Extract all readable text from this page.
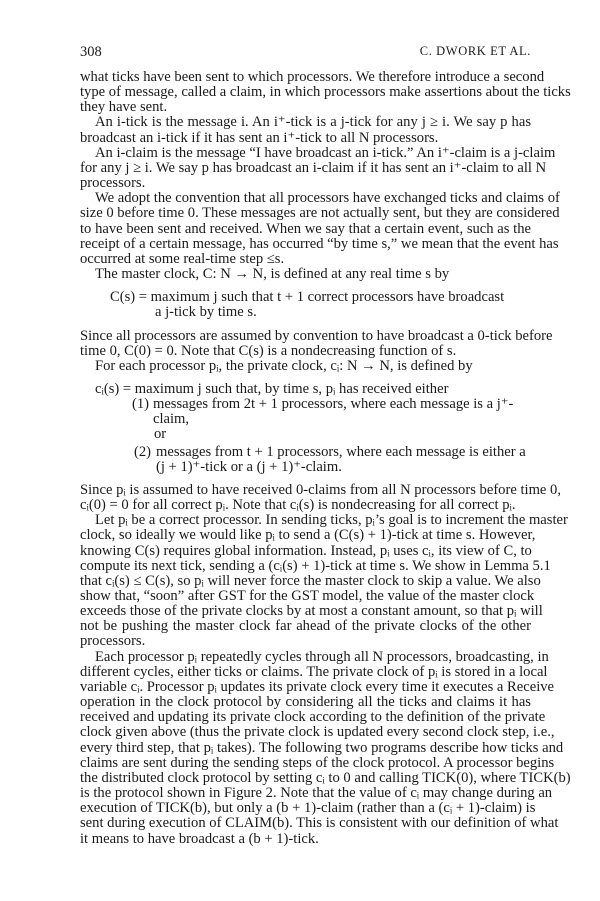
308	C. DWORK ET AL.

what ticks have been sent to which processors. We therefore introduce a second

type of message, called a claim, in which processors make assertions about the ticks

they have sent.

An i-tick is the message i. An i⁺-tick is a j-tick for any j ≥ i. We say p has

broadcast an i-tick if it has sent an i⁺-tick to all N processors.

An i-claim is the message “I have broadcast an i-tick.” An i⁺-claim is a j-claim

for any j ≥ i. We say p has broadcast an i-claim if it has sent an i⁺-claim to all N

processors.

We adopt the convention that all processors have exchanged ticks and claims of

size 0 before time 0. These messages are not actually sent, but they are considered

to have been sent and received. When we say that a certain event, such as the

receipt of a certain message, has occurred “by time s,” we mean that the event has

occurred at some real-time step ≤s.

The master clock, C: N → N, is defined at any real time s by

C(s) = maximum j such that t + 1 correct processors have broadcast
a j-tick by time s.

Since all processors are assumed by convention to have broadcast a 0-tick before

time 0, C(0) = 0. Note that C(s) is a nondecreasing function of s.

For each processor pᵢ, the private clock, cᵢ: N → N, is defined by

cᵢ(s) = maximum j such that, by time s, pᵢ has received either
(1) messages from 2t + 1 processors, where each message is a j⁺-claim,
or
(2) messages from t + 1 processors, where each message is either a
(j + 1)⁺-tick or a (j + 1)⁺-claim.

Since pᵢ is assumed to have received 0-claims from all N processors before time 0,

cᵢ(0) = 0 for all correct pᵢ. Note that cᵢ(s) is nondecreasing for all correct pᵢ.

Let pᵢ be a correct processor. In sending ticks, pᵢ’s goal is to increment the master

clock, so ideally we would like pᵢ to send a (C(s) + 1)-tick at time s. However,

knowing C(s) requires global information. Instead, pᵢ uses cᵢ, its view of C, to

compute its next tick, sending a (cᵢ(s) + 1)-tick at time s. We show in Lemma 5.1

that cᵢ(s) ≤ C(s), so pᵢ will never force the master clock to skip a value. We also

show that, “soon” after GST for the GST model, the value of the master clock

exceeds those of the private clocks by at most a constant amount, so that pᵢ will

not be pushing the master clock far ahead of the private clocks of the other

processors.

Each processor pᵢ repeatedly cycles through all N processors, broadcasting, in

different cycles, either ticks or claims. The private clock of pᵢ is stored in a local

variable cᵢ. Processor pᵢ updates its private clock every time it executes a Receive

operation in the clock protocol by considering all the ticks and claims it has

received and updating its private clock according to the definition of the private

clock given above (thus the private clock is updated every second clock step, i.e.,

every third step, that pᵢ takes). The following two programs describe how ticks and

claims are sent during the sending steps of the clock protocol. A processor begins

the distributed clock protocol by setting cᵢ to 0 and calling TICK(0), where TICK(b)

is the protocol shown in Figure 2. Note that the value of cᵢ may change during an

execution of TICK(b), but only a (b + 1)-claim (rather than a (cᵢ + 1)-claim) is

sent during execution of CLAIM(b). This is consistent with our definition of what

it means to have broadcast a (b + 1)-tick.
